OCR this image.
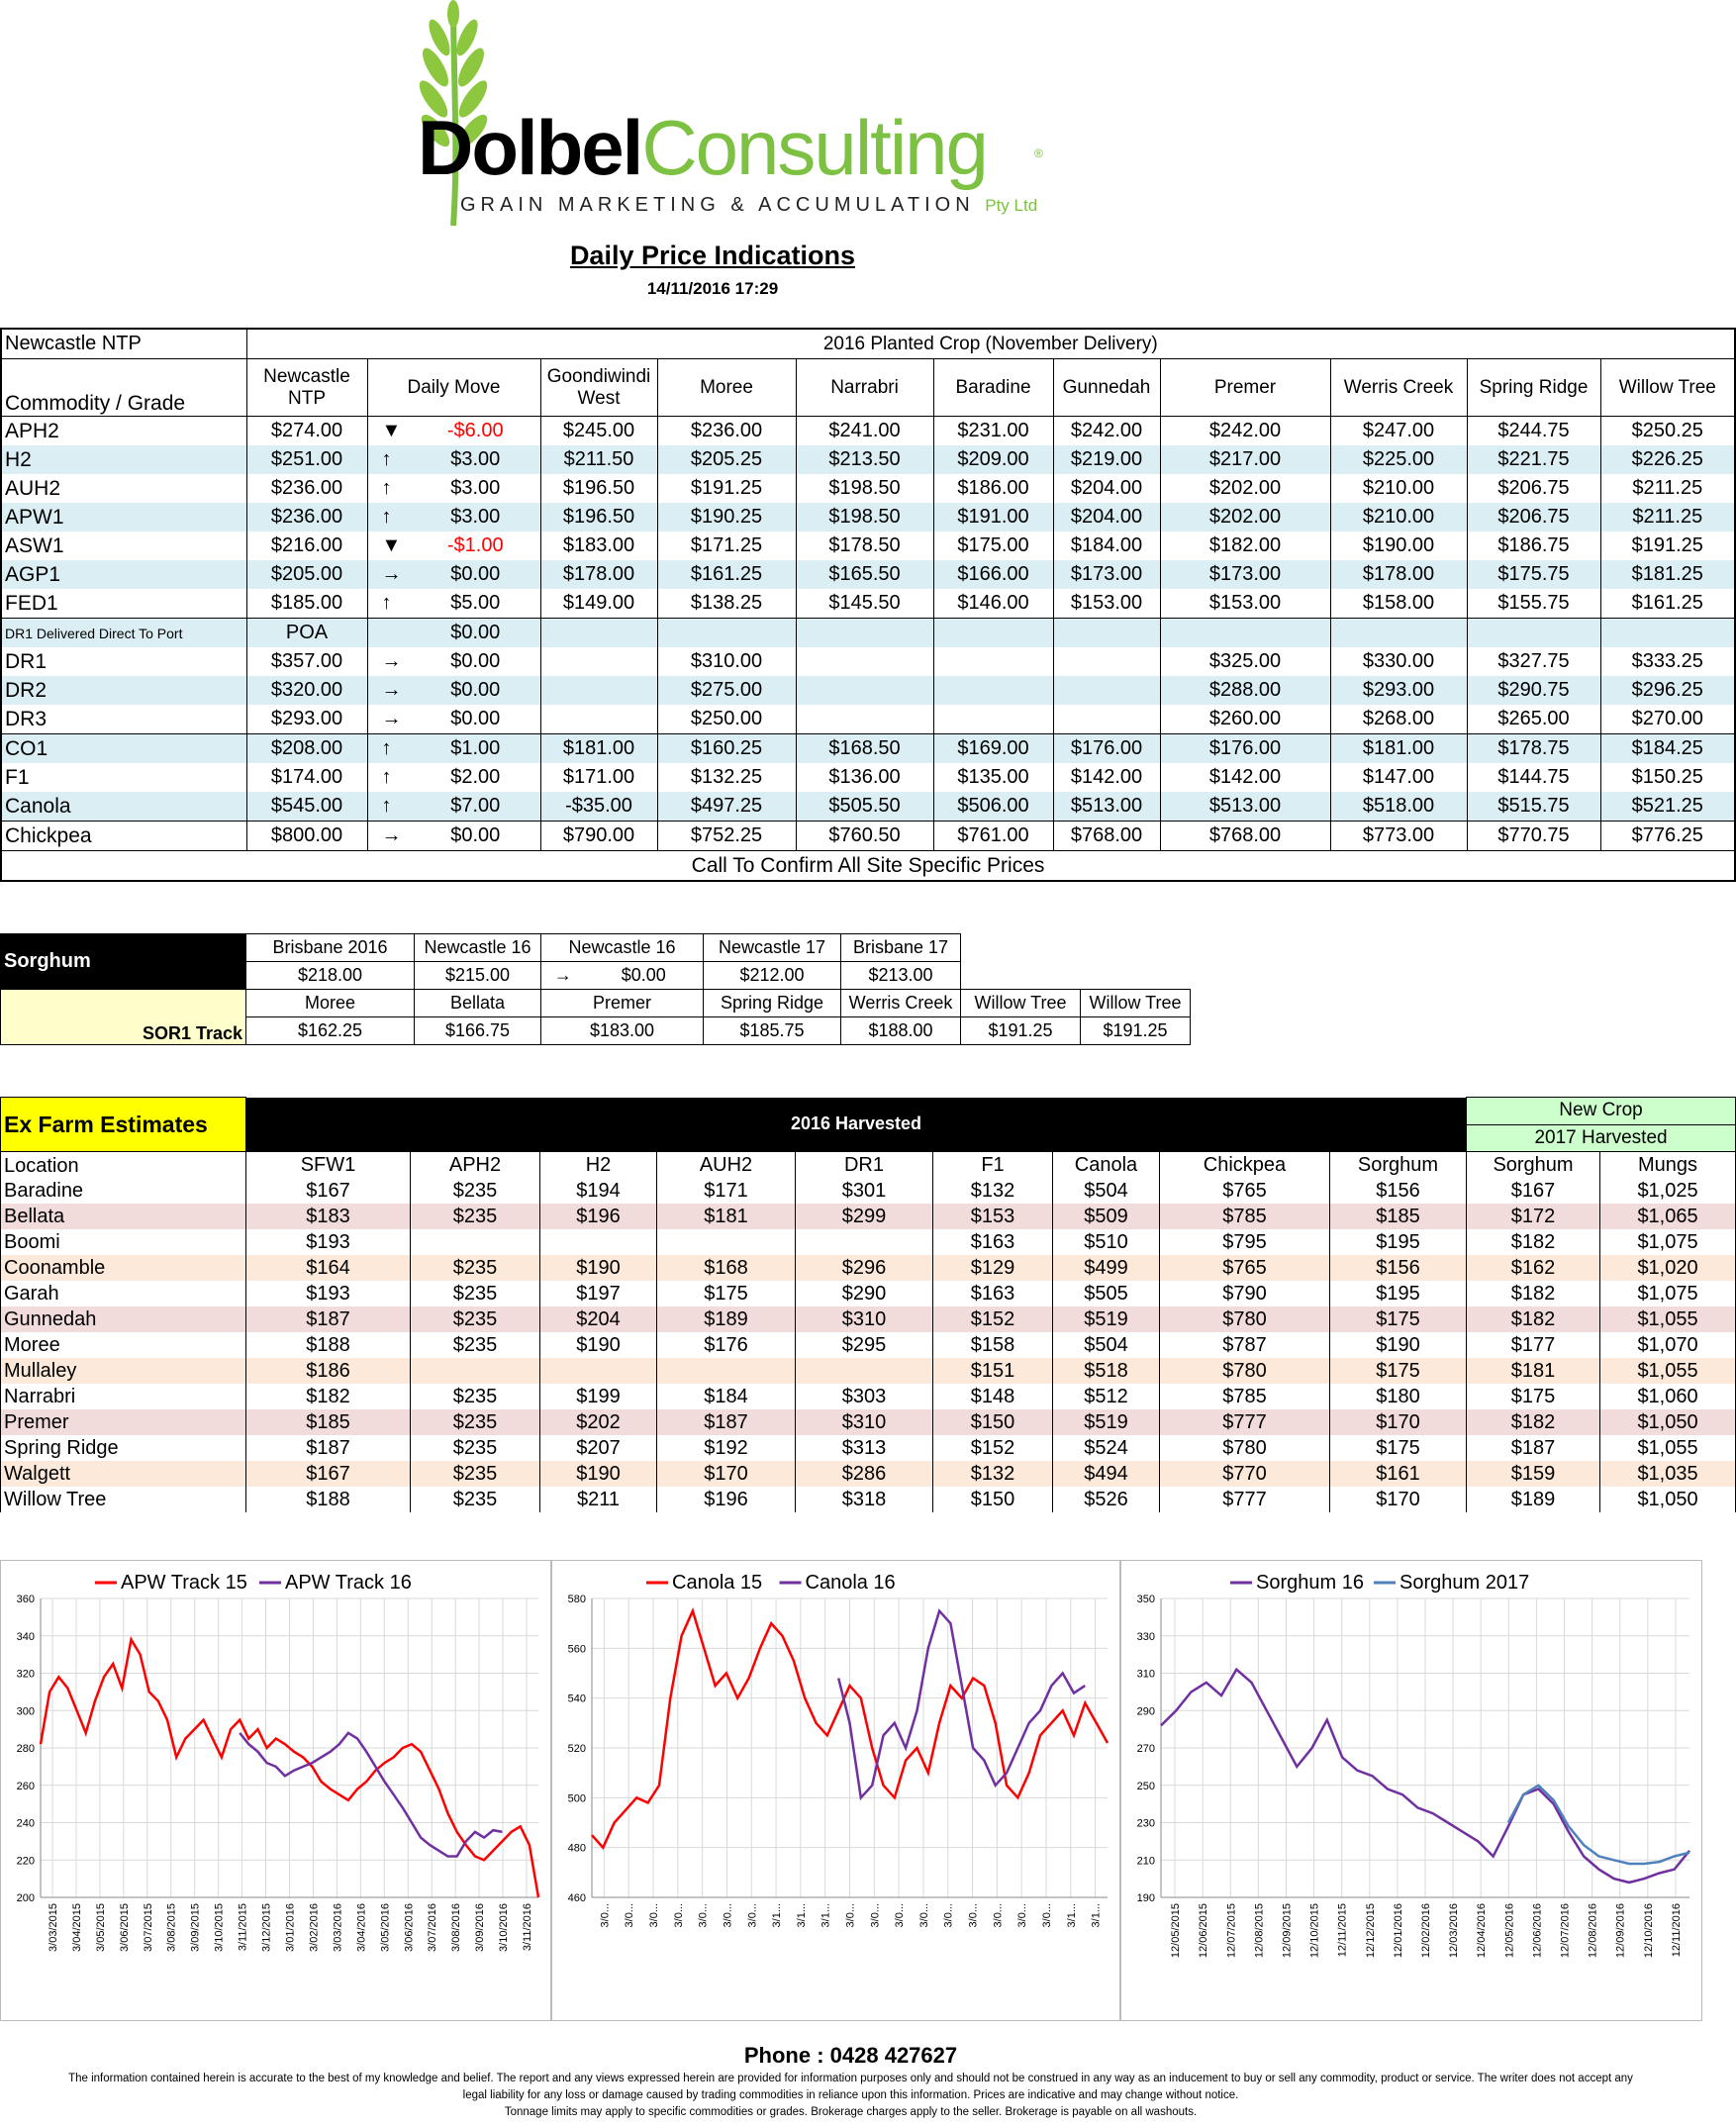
DolbelConsulting	®
GRAIN MARKETING & ACCUMULATION Pty Ltd
Daily Price Indications
14/11/2016 17:29
Newcastle NTP	2016 Planted Crop (November Delivery)											
Commodity / Grade	Newcastle NTP	Daily Move		Goondiwindi West	Moree	Narrabri	Baradine	Gunnedah	Premer	Werris Creek	Spring Ridge	Willow Tree
APH2	$274.00	▼	-$6.00	$245.00	$236.00	$241.00	$231.00	$242.00	$242.00	$247.00	$244.75	$250.25
H2	$251.00	↑	$3.00	$211.50	$205.25	$213.50	$209.00	$219.00	$217.00	$225.00	$221.75	$226.25
AUH2	$236.00	↑	$3.00	$196.50	$191.25	$198.50	$186.00	$204.00	$202.00	$210.00	$206.75	$211.25
APW1	$236.00	↑	$3.00	$196.50	$190.25	$198.50	$191.00	$204.00	$202.00	$210.00	$206.75	$211.25
ASW1	$216.00	▼	-$1.00	$183.00	$171.25	$178.50	$175.00	$184.00	$182.00	$190.00	$186.75	$191.25
AGP1	$205.00	→	$0.00	$178.00	$161.25	$165.50	$166.00	$173.00	$173.00	$178.00	$175.75	$181.25
FED1	$185.00	↑	$5.00	$149.00	$138.25	$145.50	$146.00	$153.00	$153.00	$158.00	$155.75	$161.25
DR1 Delivered Direct To Port	POA		$0.00									
DR1	$357.00	→	$0.00		$310.00				$325.00	$330.00	$327.75	$333.25
DR2	$320.00	→	$0.00		$275.00				$288.00	$293.00	$290.75	$296.25
DR3	$293.00	→	$0.00		$250.00				$260.00	$268.00	$265.00	$270.00
CO1	$208.00	↑	$1.00	$181.00	$160.25	$168.50	$169.00	$176.00	$176.00	$181.00	$178.75	$184.25
F1	$174.00	↑	$2.00	$171.00	$132.25	$136.00	$135.00	$142.00	$142.00	$147.00	$144.75	$150.25
Canola	$545.00	↑	$7.00	-$35.00	$497.25	$505.50	$506.00	$513.00	$513.00	$518.00	$515.75	$521.25
Chickpea	$800.00	→	$0.00	$790.00	$752.25	$760.50	$761.00	$768.00	$768.00	$773.00	$770.75	$776.25
Call To Confirm All Site Specific Prices												
Sorghum	Brisbane 2016	Newcastle 16	Newcastle 16		Newcastle 17	Brisbane 17		
	$218.00	$215.00	→	$0.00	$212.00	$213.00		

Sorghum
SOR1 Track	Moree	Bellata	Premer		Spring Ridge	Werris Creek	Willow Tree	Willow Tree
	$162.25	$166.75	$183.00		$185.75	$188.00	$191.25	$191.25
Ex Farm Estimates	2016 Harvested									New Crop	
										2017 Harvested	
Location	SFW1	APH2	H2	AUH2	DR1	F1	Canola	Chickpea	Sorghum	Sorghum	Mungs
Baradine	$167	$235	$194	$171	$301	$132	$504	$765	$156	$167	$1,025
Bellata	$183	$235	$196	$181	$299	$153	$509	$785	$185	$172	$1,065
Boomi	$193					$163	$510	$795	$195	$182	$1,075
Coonamble	$164	$235	$190	$168	$296	$129	$499	$765	$156	$162	$1,020
Garah	$193	$235	$197	$175	$290	$163	$505	$790	$195	$182	$1,075
Gunnedah	$187	$235	$204	$189	$310	$152	$519	$780	$175	$182	$1,055
Moree	$188	$235	$190	$176	$295	$158	$504	$787	$190	$177	$1,070
Mullaley	$186					$151	$518	$780	$175	$181	$1,055
Narrabri	$182	$235	$199	$184	$303	$148	$512	$785	$180	$175	$1,060
Premer	$185	$235	$202	$187	$310	$150	$519	$777	$170	$182	$1,050
Spring Ridge	$187	$235	$207	$192	$313	$152	$524	$780	$175	$187	$1,055
Walgett	$167	$235	$190	$170	$286	$132	$494	$770	$161	$159	$1,035
Willow Tree	$188	$235	$211	$196	$318	$150	$526	$777	$170	$189	$1,050
200
220
240
260
280
300
320
340
360
3/03/2015 3/04/2015 3/05/2015 3/06/2015 3/07/2015 3/08/2015 3/09/2015 3/10/2015 3/11/2015 3/12/2015 3/01/2016 3/02/2016 3/03/2016 3/04/2016 3/05/2016 3/06/2016 3/07/2016 3/08/2016 3/09/2016 3/10/2016 3/11/2016
APW Track 15 APW Track 16
460
480
500
520
540
560
580
3/0... 3/0... 3/0... 3/0... 3/0... 3/0... 3/0... 3/1... 3/1... 3/1... 3/0... 3/0... 3/0... 3/0... 3/0... 3/0... 3/0... 3/0... 3/0... 3/1... 3/1...
Canola 15 Canola 16
190
210
230
250
270
290
310
330
350
12/05/2015 12/06/2015 12/07/2015 12/08/2015 12/09/2015 12/10/2015 12/11/2015 12/12/2015 12/01/2016 12/02/2016 12/03/2016 12/04/2016 12/05/2016 12/06/2016 12/07/2016 12/08/2016 12/09/2016 12/10/2016 12/11/2016
Sorghum 16 Sorghum 2017
Phone : 0428 427627
The information contained herein is accurate to the best of my knowledge and belief. The report and any views expressed herein are provided for information purposes only and should not be construed in any way as an inducement to buy or sell any commodity, product or service. The writer does not accept any
legal liability for any loss or damage caused by trading commodities in reliance upon this information. Prices are indicative and may change without notice.
Tonnage limits may apply to specific commodities or grades. Brokerage charges apply to the seller. Brokerage is payable on all washouts.
